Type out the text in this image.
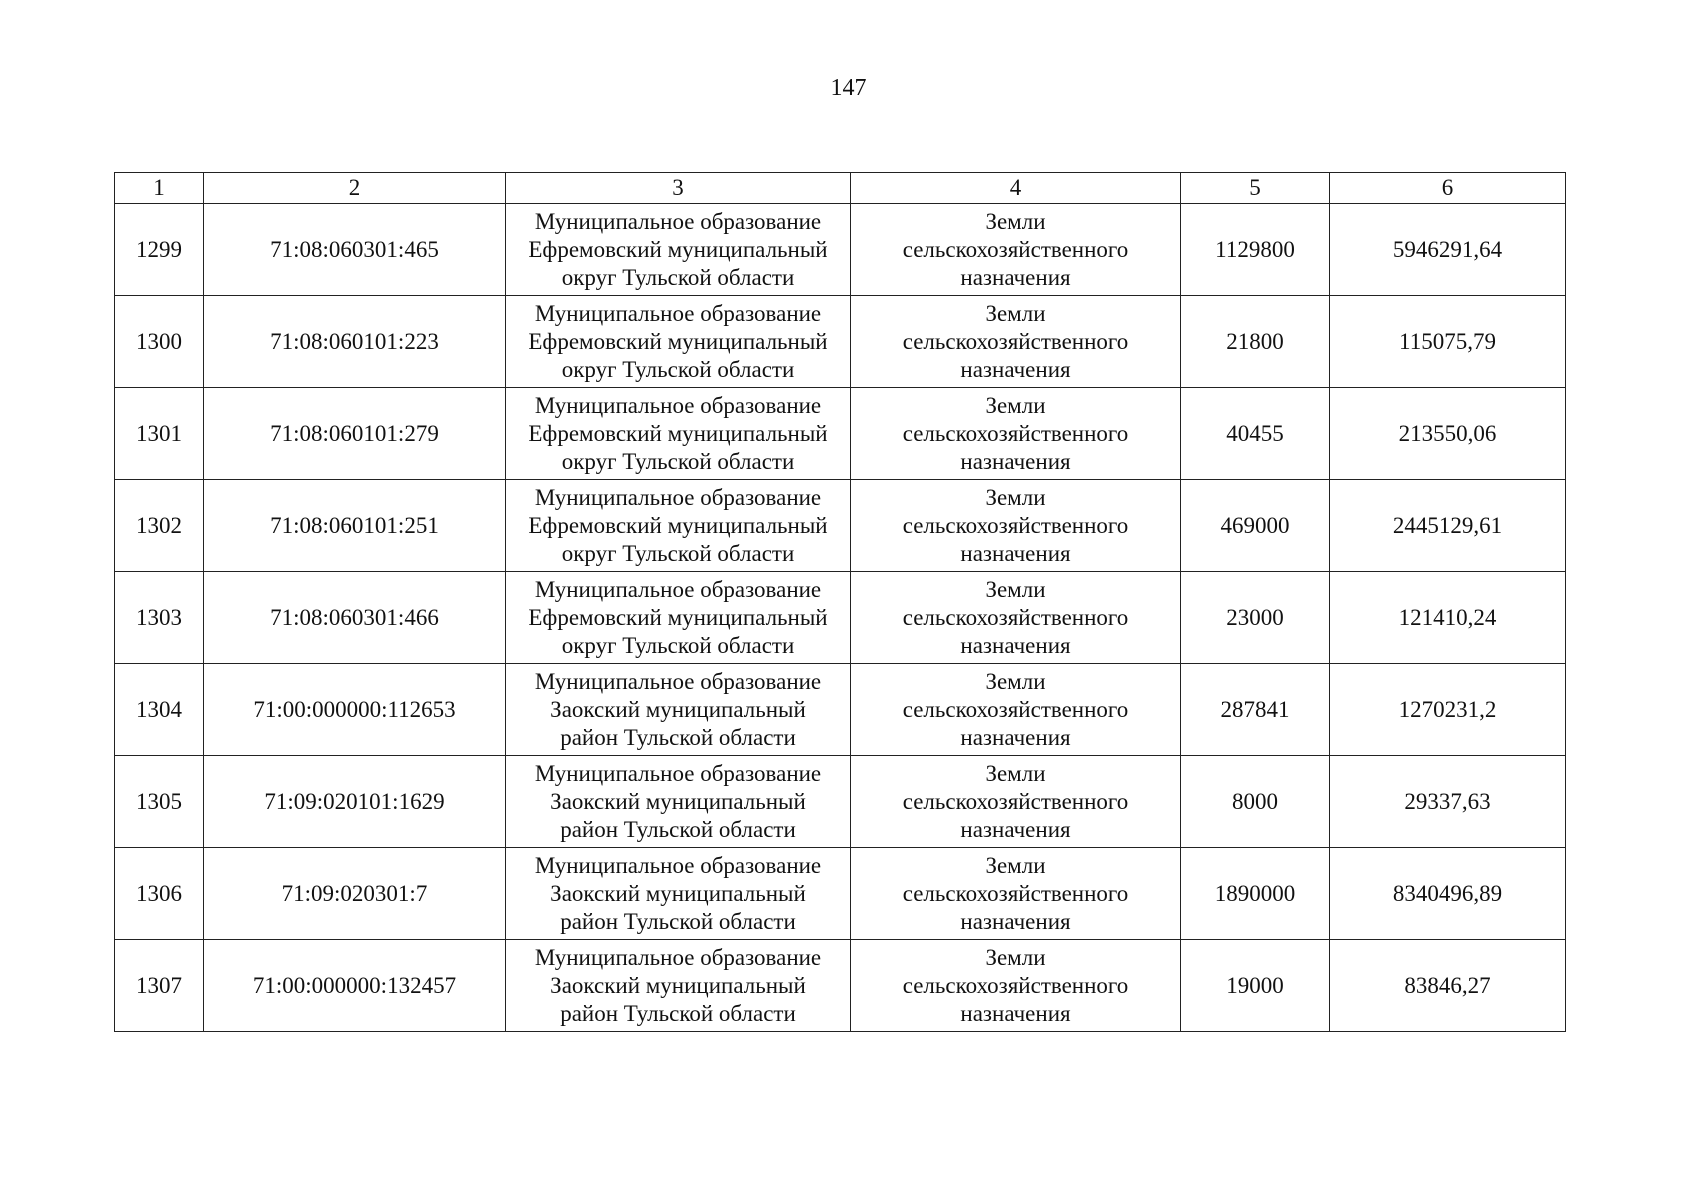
147
1	2	3	4	5	6
1299	71:08:060301:465	Муниципальное образование
Ефремовский муниципальный
округ Тульской области	Земли
сельскохозяйственного
назначения	1129800	5946291,64
1300	71:08:060101:223	Муниципальное образование
Ефремовский муниципальный
округ Тульской области	Земли
сельскохозяйственного
назначения	21800	115075,79
1301	71:08:060101:279	Муниципальное образование
Ефремовский муниципальный
округ Тульской области	Земли
сельскохозяйственного
назначения	40455	213550,06
1302	71:08:060101:251	Муниципальное образование
Ефремовский муниципальный
округ Тульской области	Земли
сельскохозяйственного
назначения	469000	2445129,61
1303	71:08:060301:466	Муниципальное образование
Ефремовский муниципальный
округ Тульской области	Земли
сельскохозяйственного
назначения	23000	121410,24
1304	71:00:000000:112653	Муниципальное образование
Заокский муниципальный
район Тульской области	Земли
сельскохозяйственного
назначения	287841	1270231,2
1305	71:09:020101:1629	Муниципальное образование
Заокский муниципальный
район Тульской области	Земли
сельскохозяйственного
назначения	8000	29337,63
1306	71:09:020301:7	Муниципальное образование
Заокский муниципальный
район Тульской области	Земли
сельскохозяйственного
назначения	1890000	8340496,89
1307	71:00:000000:132457	Муниципальное образование
Заокский муниципальный
район Тульской области	Земли
сельскохозяйственного
назначения	19000	83846,27
